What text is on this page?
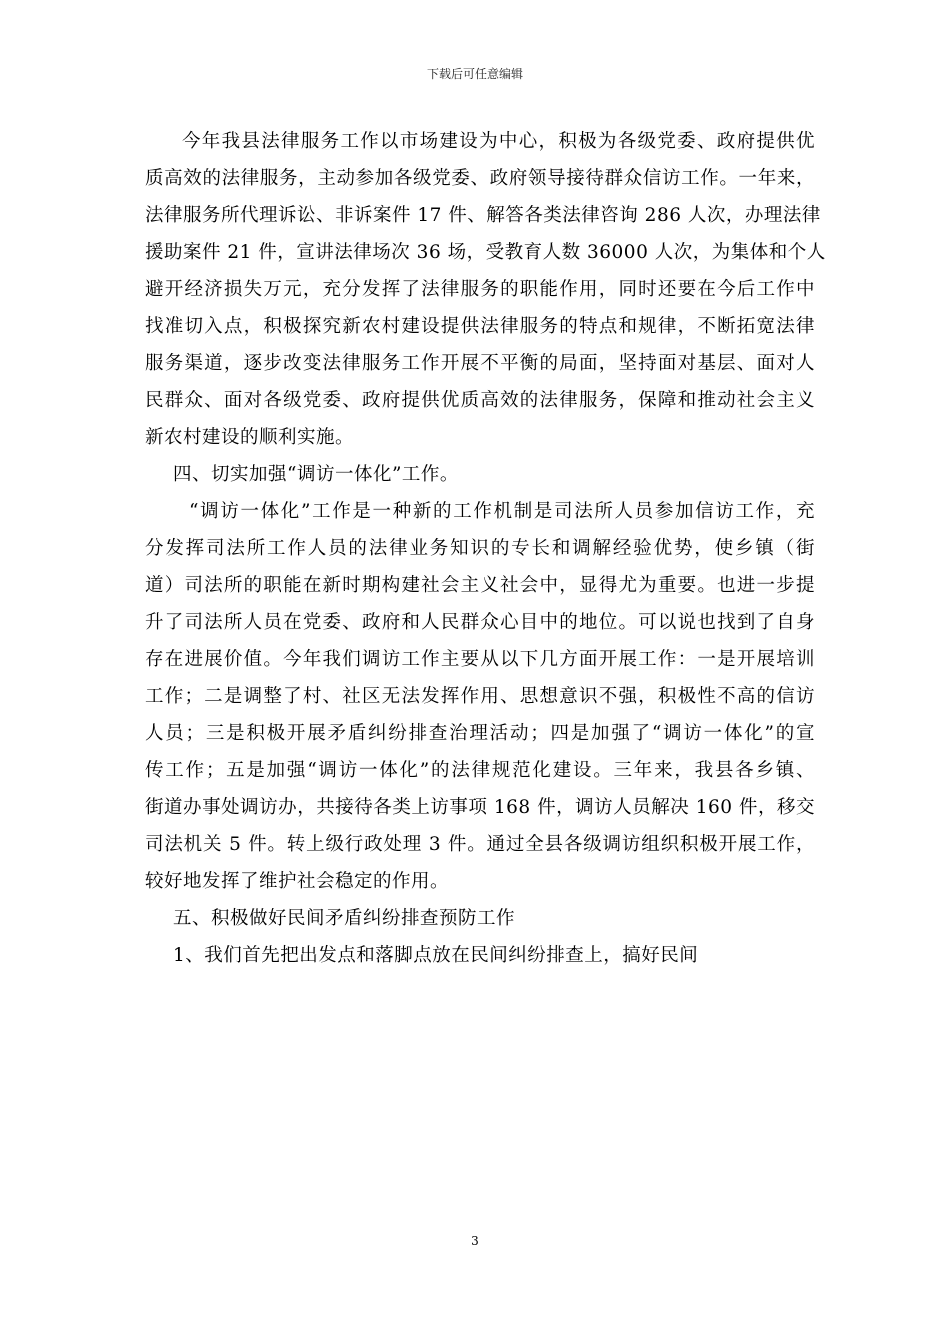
下载后可任意编辑
今年我县法律服务工作以市场建设为中心，积极为各级党委、政府提供优
质高效的法律服务，主动参加各级党委、政府领导接待群众信访工作。一年来，
法律服务所代理诉讼、非诉案件 17 件、解答各类法律咨询 286 人次，办理法律
援助案件 21 件，宣讲法律场次 36 场，受教育人数 36000 人次，为集体和个人
避开经济损失万元，充分发挥了法律服务的职能作用，同时还要在今后工作中
找准切入点，积极探究新农村建设提供法律服务的特点和规律，不断拓宽法律
服务渠道，逐步改变法律服务工作开展不平衡的局面，坚持面对基层、面对人
民群众、面对各级党委、政府提供优质高效的法律服务，保障和推动社会主义
新农村建设的顺利实施。
四、切实加强“调访一体化”工作。
“调访一体化”工作是一种新的工作机制是司法所人员参加信访工作，充
分发挥司法所工作人员的法律业务知识的专长和调解经验优势，使乡镇（街
道）司法所的职能在新时期构建社会主义社会中，显得尤为重要。也进一步提
升了司法所人员在党委、政府和人民群众心目中的地位。可以说也找到了自身
存在进展价值。今年我们调访工作主要从以下几方面开展工作：一是开展培训
工作；二是调整了村、社区无法发挥作用、思想意识不强，积极性不高的信访
人员；三是积极开展矛盾纠纷排查治理活动；四是加强了“调访一体化”的宣
传工作；五是加强“调访一体化”的法律规范化建设。三年来，我县各乡镇、
街道办事处调访办，共接待各类上访事项 168 件，调访人员解决 160 件，移交
司法机关 5 件。转上级行政处理 3 件。通过全县各级调访组织积极开展工作，
较好地发挥了维护社会稳定的作用。
五、积极做好民间矛盾纠纷排查预防工作
1、我们首先把出发点和落脚点放在民间纠纷排查上，搞好民间
3
